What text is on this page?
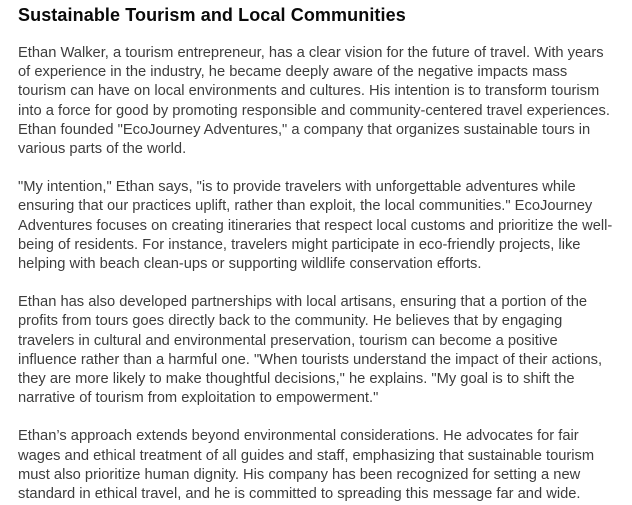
Sustainable Tourism and Local Communities

Ethan Walker, a tourism entrepreneur, has a clear vision for the future of travel. With years of experience in the industry, he became deeply aware of the negative impacts mass tourism can have on local environments and cultures. His intention is to transform tourism into a force for good by promoting responsible and community-centered travel experiences. Ethan founded "EcoJourney Adventures," a company that organizes sustainable tours in various parts of the world.

"My intention," Ethan says, "is to provide travelers with unforgettable adventures while ensuring that our practices uplift, rather than exploit, the local communities." EcoJourney Adventures focuses on creating itineraries that respect local customs and prioritize the well-being of residents. For instance, travelers might participate in eco-friendly projects, like helping with beach clean-ups or supporting wildlife conservation efforts.

Ethan has also developed partnerships with local artisans, ensuring that a portion of the profits from tours goes directly back to the community. He believes that by engaging travelers in cultural and environmental preservation, tourism can become a positive influence rather than a harmful one. "When tourists understand the impact of their actions, they are more likely to make thoughtful decisions," he explains. "My goal is to shift the narrative of tourism from exploitation to empowerment."

Ethan’s approach extends beyond environmental considerations. He advocates for fair wages and ethical treatment of all guides and staff, emphasizing that sustainable tourism must also prioritize human dignity. His company has been recognized for setting a new standard in ethical travel, and he is committed to spreading this message far and wide.
